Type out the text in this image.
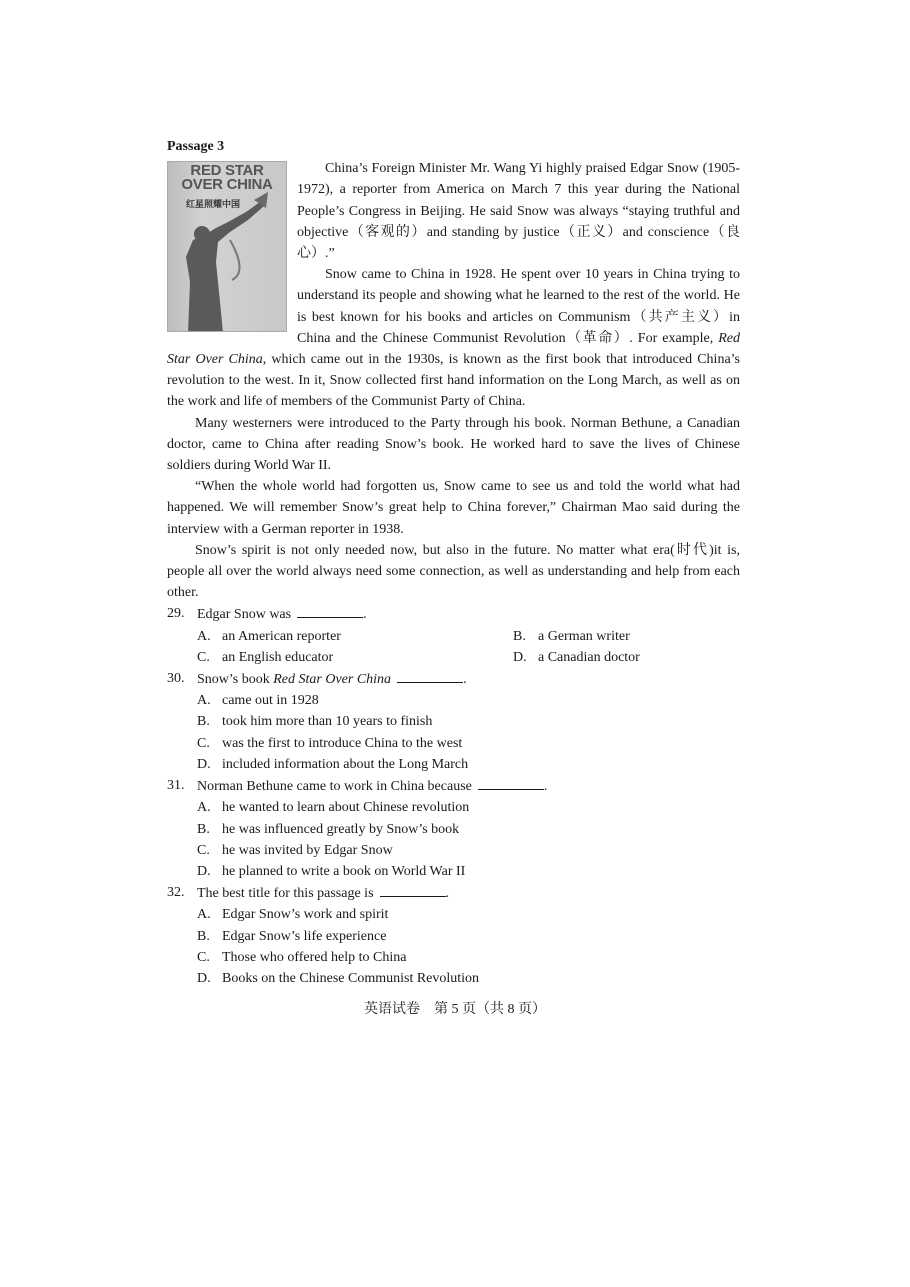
Passage 3
RED STAR OVER CHINA
红星照耀中国

China’s Foreign Minister Mr. Wang Yi highly praised Edgar Snow (1905-1972), a reporter from America on March 7 this year during the National People’s Congress in Beijing. He said Snow was always “staying truthful and objective（客观的）and standing by justice（正义）and conscience（良心）.”

Snow came to China in 1928. He spent over 10 years in China trying to understand its people and showing what he learned to the rest of the world. He is best known for his books and articles on Communism（共产主义）in China and the Chinese Communist Revolution（革命）. For example, Red Star Over China, which came out in the 1930s, is known as the first book that introduced China’s revolution to the west. In it, Snow collected first hand information on the Long March, as well as on the work and life of members of the Communist Party of China.

Many westerners were introduced to the Party through his book. Norman Bethune, a Canadian doctor, came to China after reading Snow’s book. He worked hard to save the lives of Chinese soldiers during World War II.

“When the whole world had forgotten us, Snow came to see us and told the world what had happened. We will remember Snow’s great help to China forever,” Chairman Mao said during the interview with a German reporter in 1938.

Snow’s spirit is not only needed now, but also in the future. No matter what era(时代)it is, people all over the world always need some connection, as well as understanding and help from each other.

29. Edgar Snow was	.
A. an American reporter	B. a German writer
C. an English educator	D. a Canadian doctor
30. Snow’s book Red Star Over China	.
A. came out in 1928
B. took him more than 10 years to finish
C. was the first to introduce China to the west
D. included information about the Long March
31. Norman Bethune came to work in China because	.
A. he wanted to learn about Chinese revolution
B. he was influenced greatly by Snow’s book
C. he was invited by Edgar Snow
D. he planned to write a book on World War II
32. The best title for this passage is	.
A. Edgar Snow’s work and spirit
B. Edgar Snow’s life experience
C. Those who offered help to China
D. Books on the Chinese Communist Revolution
英语试卷　第 5 页（共 8 页）
